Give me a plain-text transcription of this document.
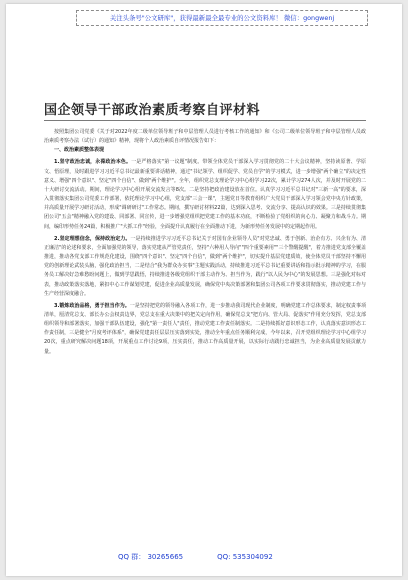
关注头条号"公文研库"，获得最新最全最专业的公文资料库！ 微信：gongwenj
国企领导干部政治素质考察自评材料

按照集团公司党委《关于对2022年度二级单位领导班子和中层管理人员进行考核工作的通知》和《公司二级单位领导班子和中层管理人员政治素质考察办法（试行）的通知》精神，现将个人政治素质自评情况报告如下：

一、政治素质整体表现

1.坚守政治忠诚，永葆政治本色。一是严格落实"第一议题"制度。带领全体党员干部深入学习贯彻党的二十大会议精神，坚持读原著、学原文、悟原理，及时跟进学习习近平总书记最新重要讲话精神，通过"书记领学、组织促学、党员自学"的学习模式，进一步增强"两个确立"的决定性意义、增强"四个意识"、坚定"四个自信"、做到"两个维护"。全年，组织党总支理论学习中心组学习22次，累计学习274人次，并及时开展党的二十大研讨交流活动。期间，理论学习中心组开展交流发言等8次。二是坚持把政治建设放在首位。认真学习习近平总书记对"三新一高"的要求，深入贯彻落实集团公司党委工作部署，依托理论学习中心组，党支部"三会一课"，主题党日等教育组织广大党员干部深入学习领会党中央方针政策，并高质量开展学习研讨活动，形成"调研研讨"工作常态。期间，撰写研讨材料22篇，达到深入思考、交流分享、提高认识的效果。三是持续贯彻集团公司"五会"精神融入党的建设、同部署、同宣传，进一步增强党组织把党建工作的基本功底，不断检验了党组织的向心力、凝聚力和战斗力。期间，编印形势任务24篇，积极推广"大抓工作"经验，全面提升认真履行在全面推动下进，为新形势任务发展中的定期起作用。

2.坚定理想信念，保持政治定力。一是持续推进学习习近平总书记关于对国有企业领导人员"对党忠诚、勇于创新、治企有方、兴企有为、清正廉洁"的论述和要求，全面加强党的领导，落实党建从严管党责任，坚持"六种用人导向""四个重要素用""三个警醒提醒"，着力推进党支部全覆盖推进，推动各党支部工作规范化建设，围绕"四个意识"、坚定"四个自信"，做到"两个维护"，切实提升基层党建质效，使全体党员干部坚持不懈用党的创新理论武装头脑，强化政治担当，二是结合"我为群众办实事"主题实践活动，持续推进习近平总书记重要讲话和指示批示精神的学习，在服务员工解决好急难愁盼问题上，做到学思践悟，持续推进各级党组织干部主动作为、担当作为，践行"以人民为中心"的发展思想。三是强化对标对表，推动政策落实落地，紧扣中心工作谋划党建，促进企业高质量发展，确保党中央决策部署和集团公司各项工作要求贯彻落实，推动党建工作与生产经营深度融合。

3.锻炼政治品格，勇于担当作为。一是坚持把党的领导融入各项工作，进一步推动我司现代企业制度，明确党建工作总体要求，制定权责事项清单，厘清党总支、部长办公会权责边界，党总支在重大决策中的把关定向作用，确保党总支"把方向、管大局、促落实"作用充分发挥，党总支部组织领导和部署落实，加强干部队伍建设，强化"第一责任人"责任，推动党建工作责任制落实。二是持续抓好意识形态工作，认真落实意识形态工作责任制，三是健全"月度考评体系"，确保党建责任层层压实落到实处，推动全年重点任务顺利完成，今年以来，召开党组织理论学习中心组学习20次，重点研究解决问题18项，开展重点工作讨论9项，压实责任，推动工作高质量开展，以实际行动践行忠诚担当，为企业高质量发展贡献力量。

QQ 群： 30265665	QQ: 535304092
